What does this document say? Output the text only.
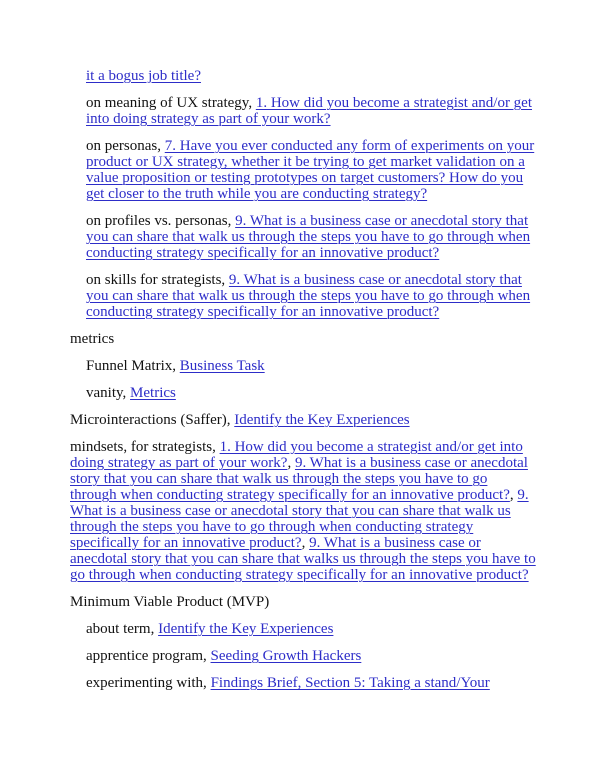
it a bogus job title?

on meaning of UX strategy, 1. How did you become a strategist and/or get into doing strategy as part of your work?

on personas, 7. Have you ever conducted any form of experiments on your product or UX strategy, whether it be trying to get market validation on a value proposition or testing prototypes on target customers? How do you get closer to the truth while you are conducting strategy?

on profiles vs. personas, 9. What is a business case or anecdotal story that you can share that walk us through the steps you have to go through when conducting strategy specifically for an innovative product?

on skills for strategists, 9. What is a business case or anecdotal story that you can share that walk us through the steps you have to go through when conducting strategy specifically for an innovative product?

metrics

Funnel Matrix, Business Task

vanity, Metrics

Microinteractions (Saffer), Identify the Key Experiences

mindsets, for strategists, 1. How did you become a strategist and/or get into doing strategy as part of your work?, 9. What is a business case or anecdotal story that you can share that walk us through the steps you have to go through when conducting strategy specifically for an innovative product?, 9. What is a business case or anecdotal story that you can share that walk us through the steps you have to go through when conducting strategy specifically for an innovative product?, 9. What is a business case or anecdotal story that you can share that walks us through the steps you have to go through when conducting strategy specifically for an innovative product?

Minimum Viable Product (MVP)

about term, Identify the Key Experiences

apprentice program, Seeding Growth Hackers

experimenting with, Findings Brief, Section 5: Taking a stand/Your
